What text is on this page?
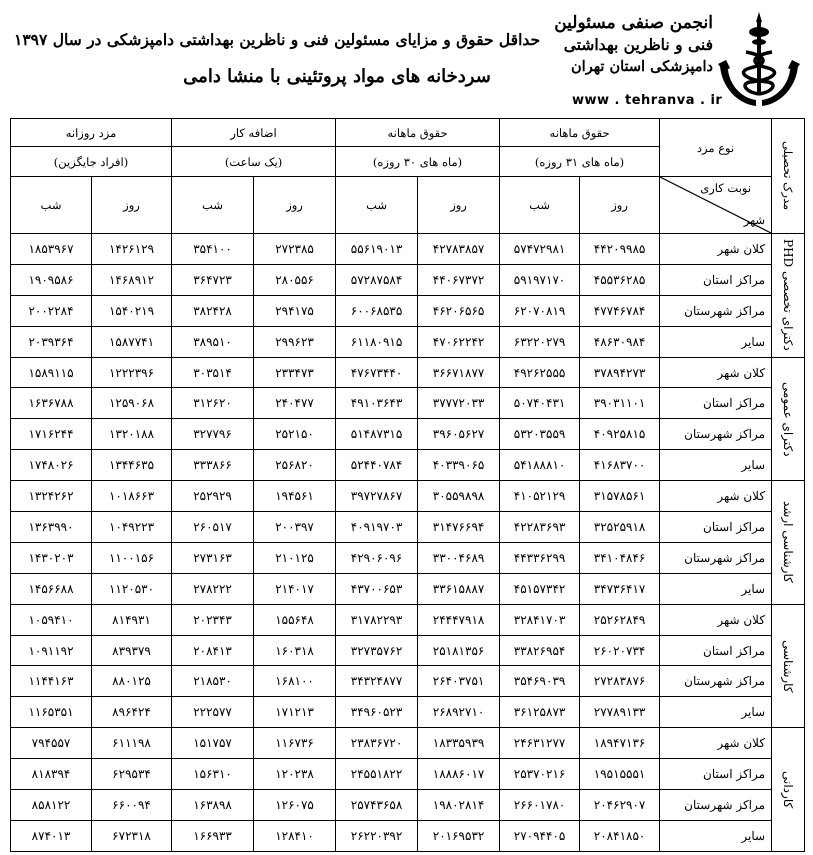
حداقل حقوق و مزایای مسئولین فنی و ناظرین بهداشتی دامپزشکی در سال ۱۳۹۷
سردخانه های مواد پروتئینی با منشا دامی
انجمن صنفی مسئولین
فنی و ناظرین بهداشتی
دامپزشکی استان تهران
www . tehranva . ir
مدرک تحصیلی	نوع مزد	حقوق ماهانه		حقوق ماهانه		اضافه کار		مزد روزانه	
		(ماه های ۳۱ روزه)		(ماه های ۳۰ روزه)		(یک ساعت)		(افراد جایگزین)	

	نوبت کاری
شهر	روز	شب	روز	شب	روز	شب	روز	شب
دکترای تخصصی PHD	کلان شهر	۴۴۲۰۹۹۸۵	۵۷۴۷۲۹۸۱	۴۲۷۸۳۸۵۷	۵۵۶۱۹۰۱۳	۲۷۲۳۸۵	۳۵۴۱۰۰	۱۴۲۶۱۲۹	۱۸۵۳۹۶۷
	مراکز استان	۴۵۵۳۶۲۸۵	۵۹۱۹۷۱۷۰	۴۴۰۶۷۳۷۲	۵۷۲۸۷۵۸۴	۲۸۰۵۵۶	۳۶۴۷۲۳	۱۴۶۸۹۱۲	۱۹۰۹۵۸۶
	مراکز شهرستان	۴۷۷۴۶۷۸۴	۶۲۰۷۰۸۱۹	۴۶۲۰۶۵۶۵	۶۰۰۶۸۵۳۵	۲۹۴۱۷۵	۳۸۲۴۲۸	۱۵۴۰۲۱۹	۲۰۰۲۲۸۴
	سایر	۴۸۶۳۰۹۸۴	۶۳۲۲۰۲۷۹	۴۷۰۶۲۲۴۲	۶۱۱۸۰۹۱۵	۲۹۹۶۲۳	۳۸۹۵۱۰	۱۵۸۷۷۴۱	۲۰۳۹۳۶۴
دکترای عمومی	کلان شهر	۳۷۸۹۴۲۷۳	۴۹۲۶۲۵۵۵	۳۶۶۷۱۸۷۷	۴۷۶۷۳۴۴۰	۲۳۳۴۷۳	۳۰۳۵۱۴	۱۲۲۲۳۹۶	۱۵۸۹۱۱۵
	مراکز استان	۳۹۰۳۱۱۰۱	۵۰۷۴۰۴۳۱	۳۷۷۷۲۰۳۳	۴۹۱۰۳۶۴۳	۲۴۰۴۷۷	۳۱۲۶۲۰	۱۲۵۹۰۶۸	۱۶۳۶۷۸۸
	مراکز شهرستان	۴۰۹۲۵۸۱۵	۵۳۲۰۳۵۵۹	۳۹۶۰۵۶۲۷	۵۱۴۸۷۳۱۵	۲۵۲۱۵۰	۳۲۷۷۹۶	۱۳۲۰۱۸۸	۱۷۱۶۲۴۴
	سایر	۴۱۶۸۳۷۰۰	۵۴۱۸۸۸۱۰	۴۰۳۳۹۰۶۵	۵۲۴۴۰۷۸۴	۲۵۶۸۲۰	۳۳۳۸۶۶	۱۳۴۴۶۳۵	۱۷۴۸۰۲۶
کارشناسی ارشد	کلان شهر	۳۱۵۷۸۵۶۱	۴۱۰۵۲۱۲۹	۳۰۵۵۹۸۹۸	۳۹۷۲۷۸۶۷	۱۹۴۵۶۱	۲۵۲۹۲۹	۱۰۱۸۶۶۳	۱۳۲۴۲۶۲
	مراکز استان	۳۲۵۲۵۹۱۸	۴۲۲۸۳۶۹۳	۳۱۴۷۶۶۹۴	۴۰۹۱۹۷۰۳	۲۰۰۳۹۷	۲۶۰۵۱۷	۱۰۴۹۲۲۳	۱۳۶۳۹۹۰
	مراکز شهرستان	۳۴۱۰۴۸۴۶	۴۴۳۳۶۲۹۹	۳۳۰۰۴۶۸۹	۴۲۹۰۶۰۹۶	۲۱۰۱۲۵	۲۷۳۱۶۳	۱۱۰۰۱۵۶	۱۴۳۰۲۰۳
	سایر	۳۴۷۳۶۴۱۷	۴۵۱۵۷۳۴۲	۳۳۶۱۵۸۸۷	۴۳۷۰۰۶۵۳	۲۱۴۰۱۷	۲۷۸۲۲۲	۱۱۲۰۵۳۰	۱۴۵۶۶۸۸
کارشناسی	کلان شهر	۲۵۲۶۲۸۴۹	۳۲۸۴۱۷۰۳	۲۴۴۴۷۹۱۸	۳۱۷۸۲۲۹۳	۱۵۵۶۴۸	۲۰۲۳۴۳	۸۱۴۹۳۱	۱۰۵۹۴۱۰
	مراکز استان	۲۶۰۲۰۷۳۴	۳۳۸۲۶۹۵۴	۲۵۱۸۱۳۵۶	۳۲۷۳۵۷۶۲	۱۶۰۳۱۸	۲۰۸۴۱۳	۸۳۹۳۷۹	۱۰۹۱۱۹۲
	مراکز شهرستان	۲۷۲۸۳۸۷۶	۳۵۴۶۹۰۳۹	۲۶۴۰۳۷۵۱	۳۴۳۲۴۸۷۷	۱۶۸۱۰۰	۲۱۸۵۳۰	۸۸۰۱۲۵	۱۱۴۴۱۶۳
	سایر	۲۷۷۸۹۱۳۳	۳۶۱۲۵۸۷۳	۲۶۸۹۲۷۱۰	۳۴۹۶۰۵۲۳	۱۷۱۲۱۳	۲۲۲۵۷۷	۸۹۶۴۲۴	۱۱۶۵۳۵۱
کاردانی	کلان شهر	۱۸۹۴۷۱۳۶	۲۴۶۳۱۲۷۷	۱۸۳۳۵۹۳۹	۲۳۸۳۶۷۲۰	۱۱۶۷۳۶	۱۵۱۷۵۷	۶۱۱۱۹۸	۷۹۴۵۵۷
	مراکز استان	۱۹۵۱۵۵۵۱	۲۵۳۷۰۲۱۶	۱۸۸۸۶۰۱۷	۲۴۵۵۱۸۲۲	۱۲۰۲۳۸	۱۵۶۳۱۰	۶۲۹۵۳۴	۸۱۸۳۹۴
	مراکز شهرستان	۲۰۴۶۲۹۰۷	۲۶۶۰۱۷۸۰	۱۹۸۰۲۸۱۴	۲۵۷۴۳۶۵۸	۱۲۶۰۷۵	۱۶۳۸۹۸	۶۶۰۰۹۴	۸۵۸۱۲۲
	سایر	۲۰۸۴۱۸۵۰	۲۷۰۹۴۴۰۵	۲۰۱۶۹۵۳۲	۲۶۲۲۰۳۹۲	۱۲۸۴۱۰	۱۶۶۹۳۳	۶۷۲۳۱۸	۸۷۴۰۱۳
